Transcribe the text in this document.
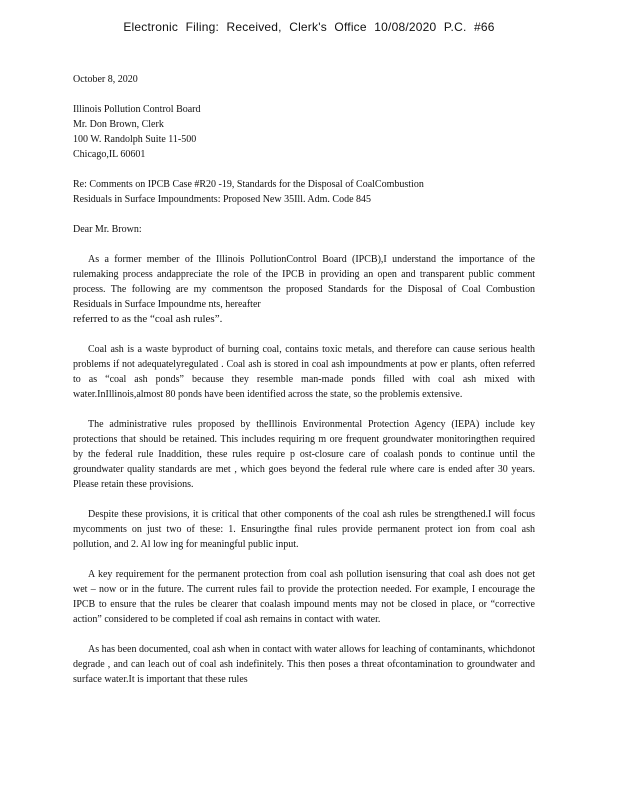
Electronic Filing: Received, Clerk's Office 10/08/2020 P.C. #66
October 8, 2020
Illinois Pollution Control Board
Mr. Don Brown, Clerk
100 W. Randolph Suite 11-500
Chicago,IL 60601
Re: Comments on IPCB Case #R20 -19, Standards for the Disposal of CoalCombustion
Residuals in Surface Impoundments: Proposed New 35Ill. Adm. Code 845
Dear Mr. Brown:
As a former member of the Illinois PollutionControl Board (IPCB),I understand the importance of the rulemaking process andappreciate the role of the IPCB in providing an open and transparent public comment process. The following are my commentson the proposed Standards for the Disposal of Coal Combustion Residuals in Surface Impoundme nts, hereafter
referred to as the “coal ash rules”.
Coal ash is a waste byproduct of burning coal, contains toxic metals, and therefore can cause serious health problems if not adequatelyregulated . Coal ash is stored in coal ash impoundments at pow er plants, often referred to as “coal ash ponds” because they resemble man-made ponds filled with coal ash mixed with water.InIllinois,almost 80 ponds have been identified across the state, so the problemis extensive.
The administrative rules proposed by theIllinois Environmental Protection Agency (IEPA) include key protections that should be retained. This includes requiring m ore frequent groundwater monitoringthen required by the federal rule Inaddition, these rules require p ost-closure care of coalash ponds to continue until the groundwater quality standards are met , which goes beyond the federal rule where care is ended after 30 years. Please retain these provisions.
Despite these provisions, it is critical that other components of the coal ash rules be strengthened.I will focus mycomments on just two of these: 1. Ensuringthe final rules provide permanent protect ion from coal ash pollution, and 2. Al low ing for meaningful public input.
A key requirement for the permanent protection from coal ash pollution isensuring that coal ash does not get wet – now or in the future. The current rules fail to provide the protection needed. For example, I encourage the IPCB to ensure that the rules be clearer that coalash impound ments may not be closed in place, or “corrective action” considered to be completed if coal ash remains in contact with water.
As has been documented, coal ash when in contact with water allows for leaching of contaminants, whichdonot degrade , and can leach out of coal ash indefinitely. This then poses a threat ofcontamination to groundwater and surface water.It is important that these rules
